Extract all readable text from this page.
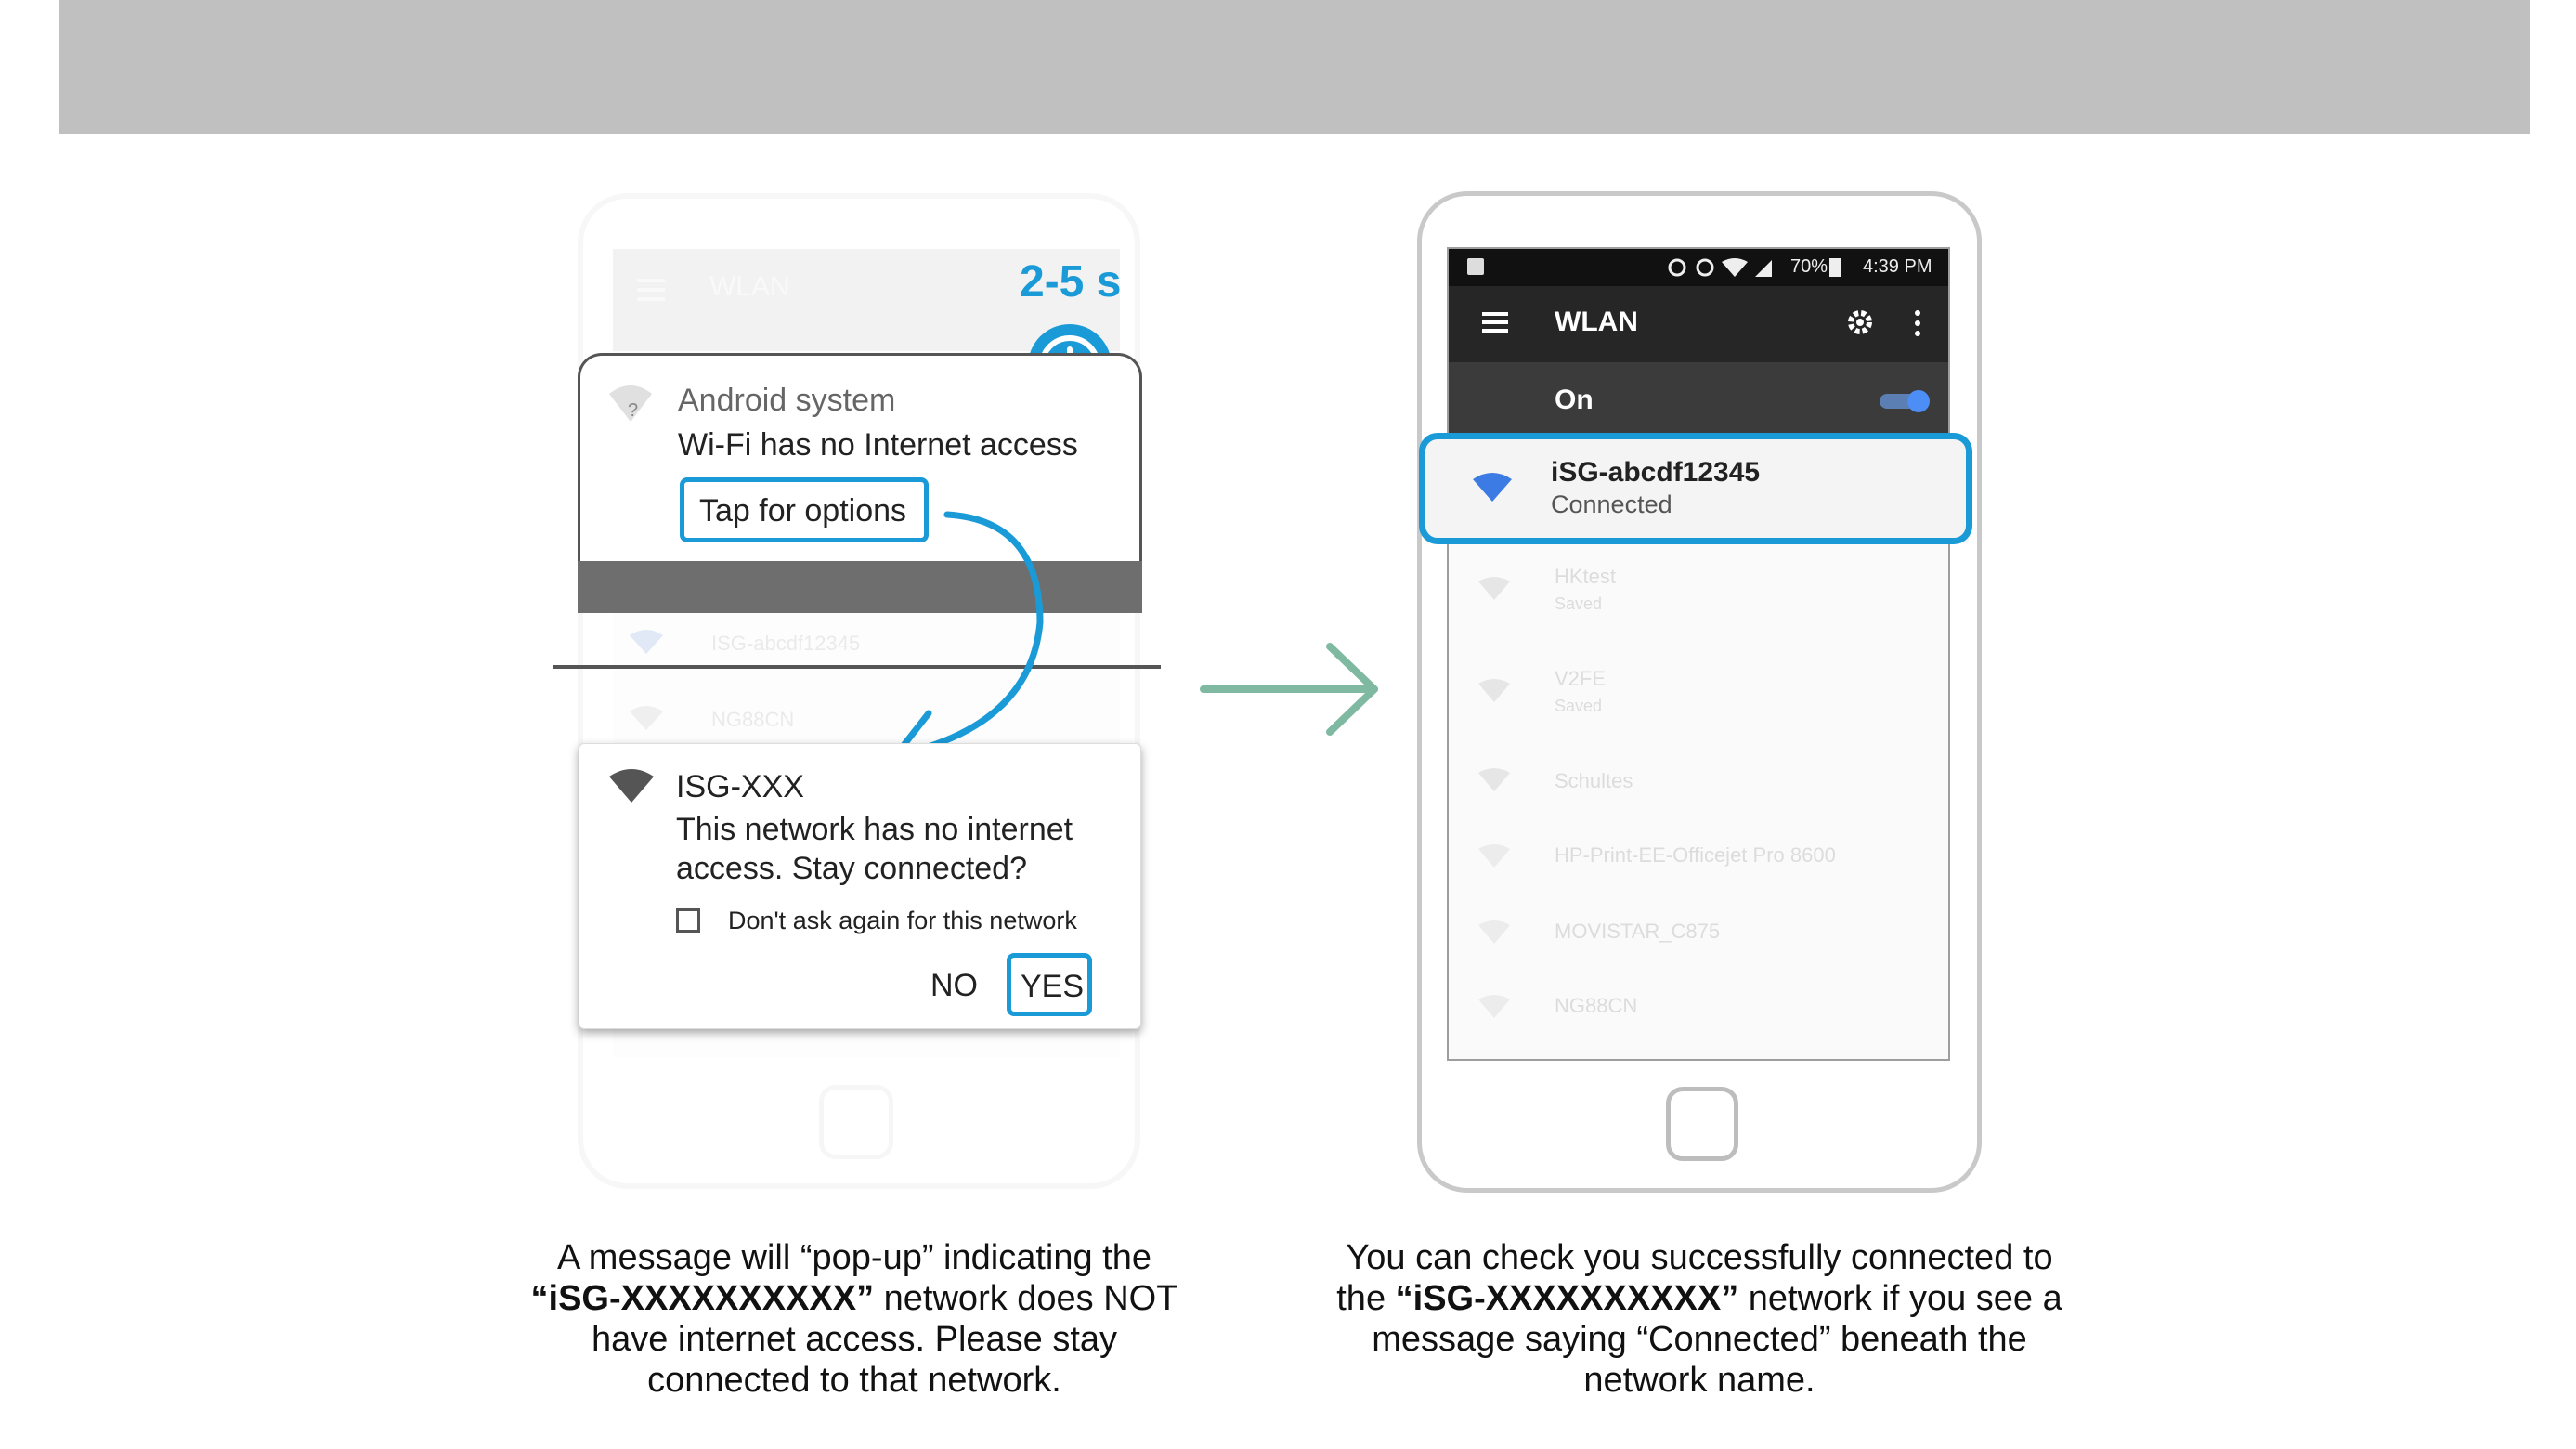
WLAN	2-5 s
? Android system
Wi-Fi has no Internet access
Tap for options
ISG-abcdf12345
NG88CN
ISG-XXX
This network has no internet
access. Stay connected?
Don't ask again for this network
NO YES
70% 4:39 PM
WLAN
On
iSG-abcdf12345
Connected
HKtest
Saved
V2FE
Saved
Schultes
HP-Print-EE-Officejet Pro 8600
MOVISTAR_C875
NG88CN
A message will “pop-up” indicating the
“iSG-XXXXXXXXXX” network does NOT
have internet access. Please stay
connected to that network.
You can check you successfully connected to
the “iSG-XXXXXXXXXX” network if you see a
message saying “Connected” beneath the
network name.
